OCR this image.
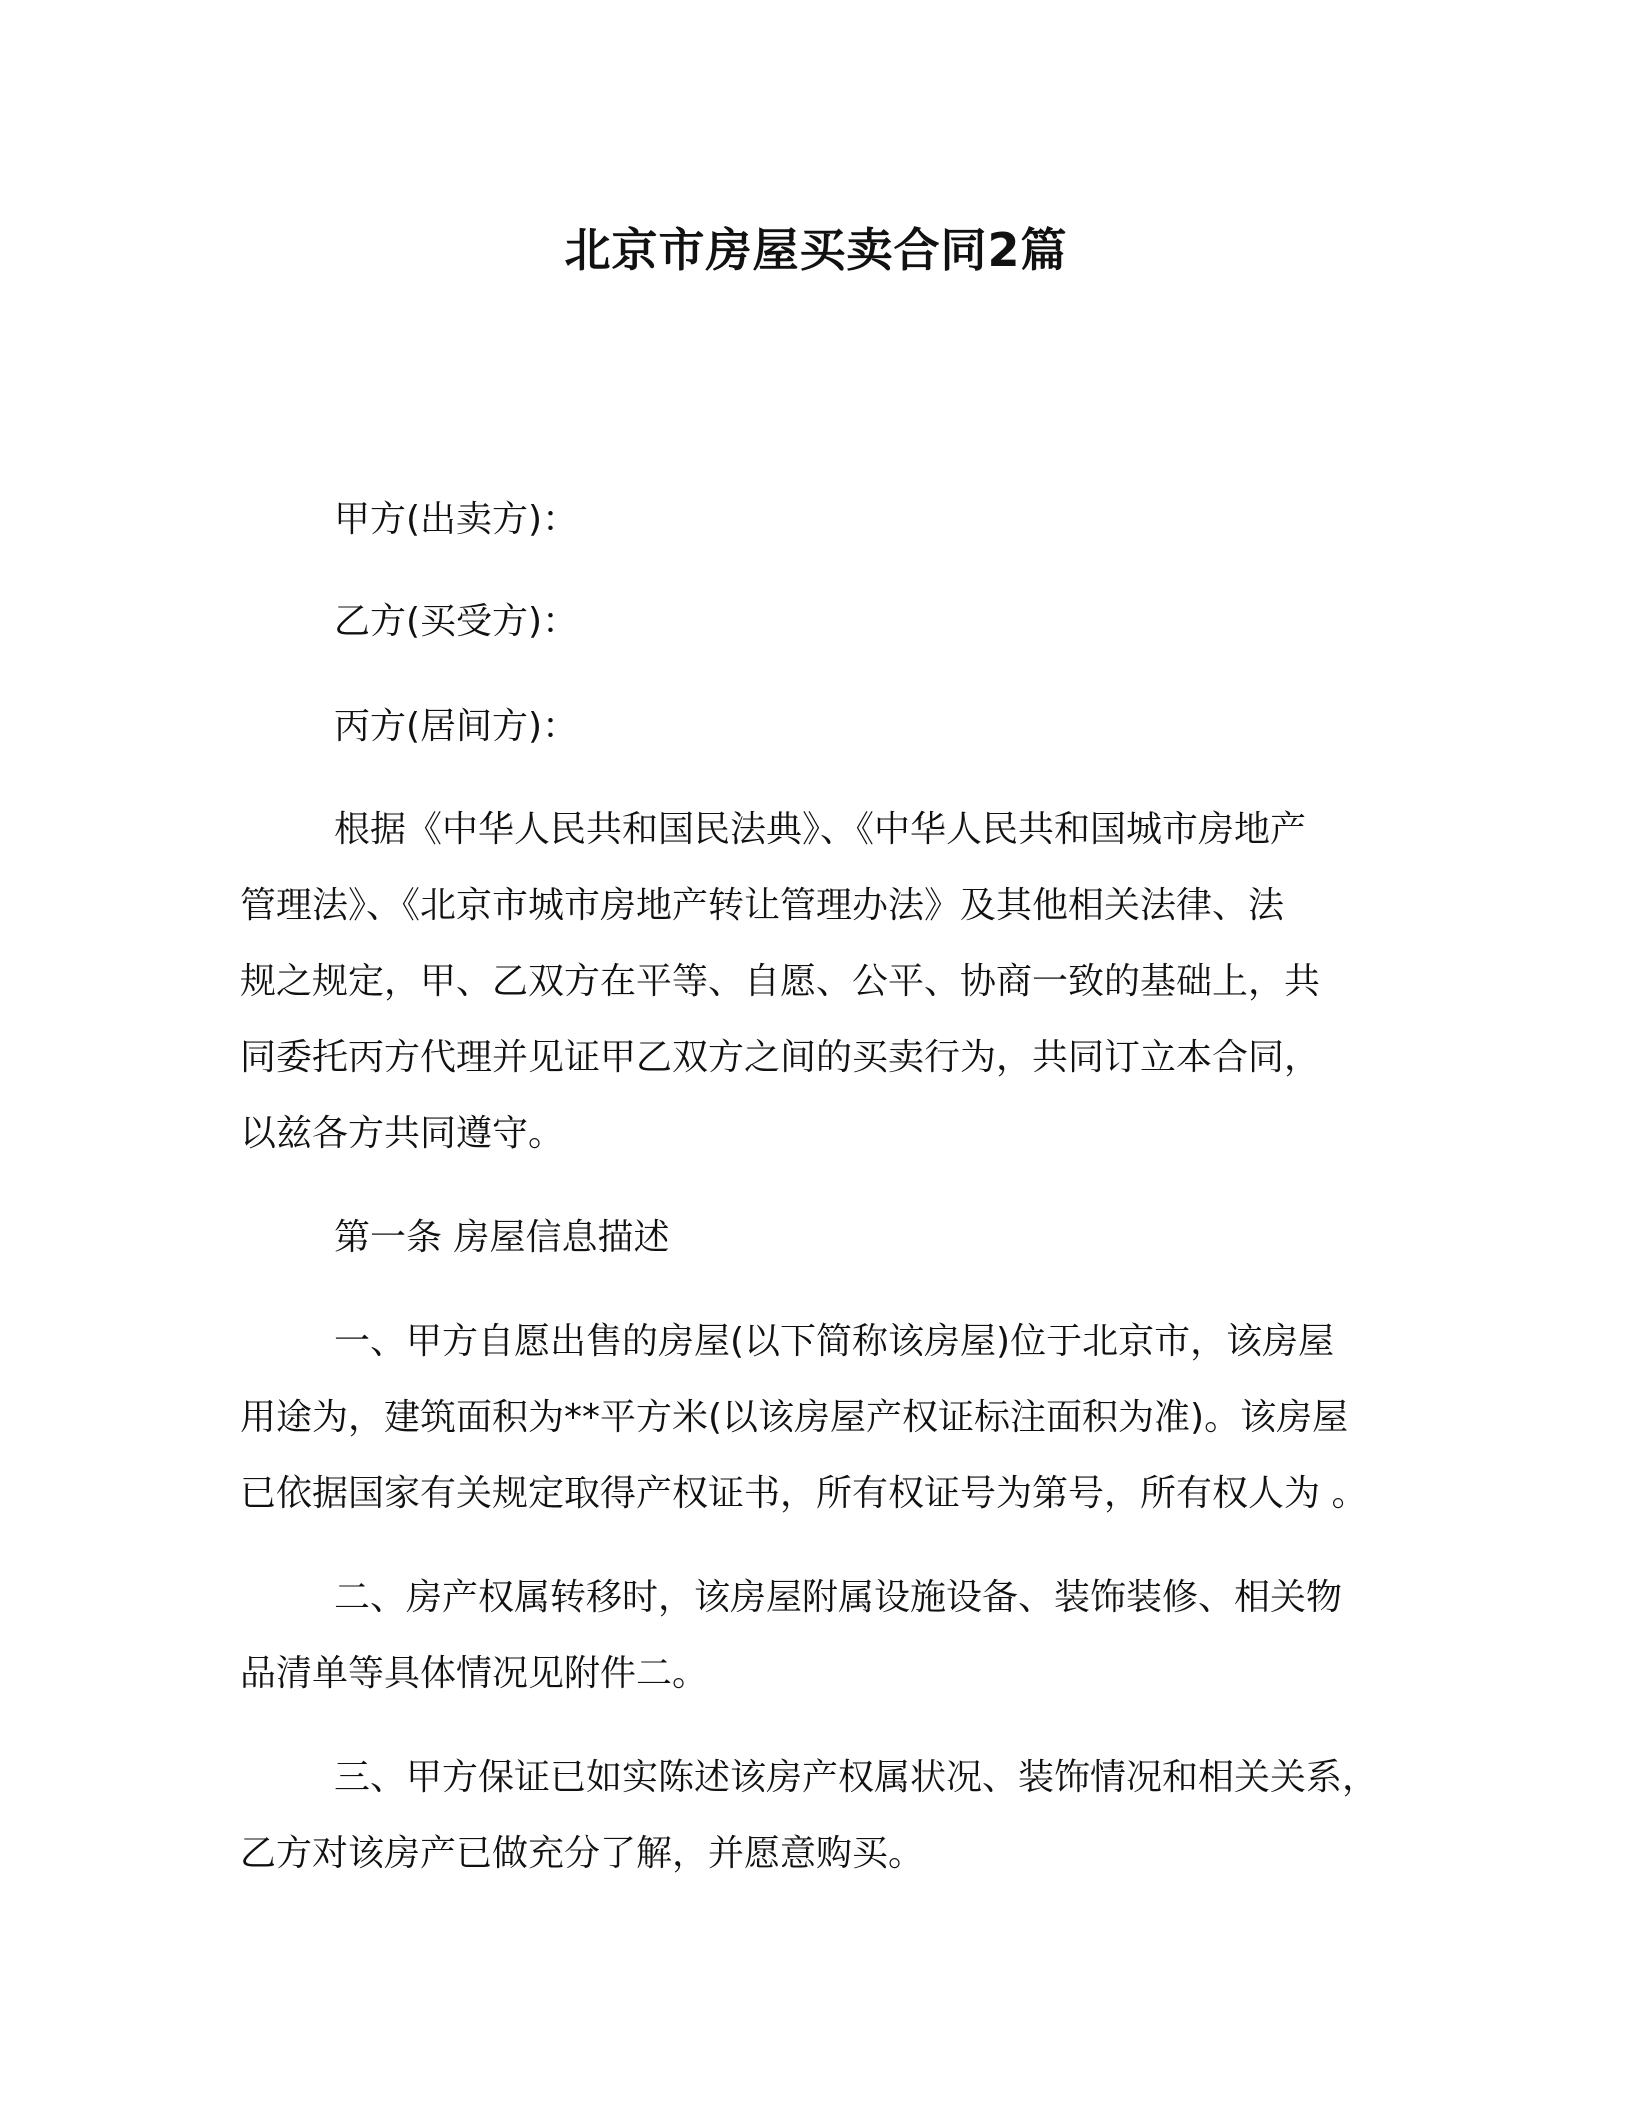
北京市房屋买卖合同2篇
甲方(出卖方)：
乙方(买受方)：
丙方(居间方)：
根据《中华人民共和国民法典》、《中华人民共和国城市房地产
管理法》、《北京市城市房地产转让管理办法》及其他相关法律、法
规之规定，甲、乙双方在平等、自愿、公平、协商一致的基础上，共
同委托丙方代理并见证甲乙双方之间的买卖行为，共同订立本合同，
以兹各方共同遵守。
第一条 房屋信息描述
一、甲方自愿出售的房屋(以下简称该房屋)位于北京市，该房屋
用途为，建筑面积为**平方米(以该房屋产权证标注面积为准)。该房屋
已依据国家有关规定取得产权证书，所有权证号为第号，所有权人为 。
二、房产权属转移时，该房屋附属设施设备、装饰装修、相关物
品清单等具体情况见附件二。
三、甲方保证已如实陈述该房产权属状况、装饰情况和相关关系，
乙方对该房产已做充分了解，并愿意购买。
